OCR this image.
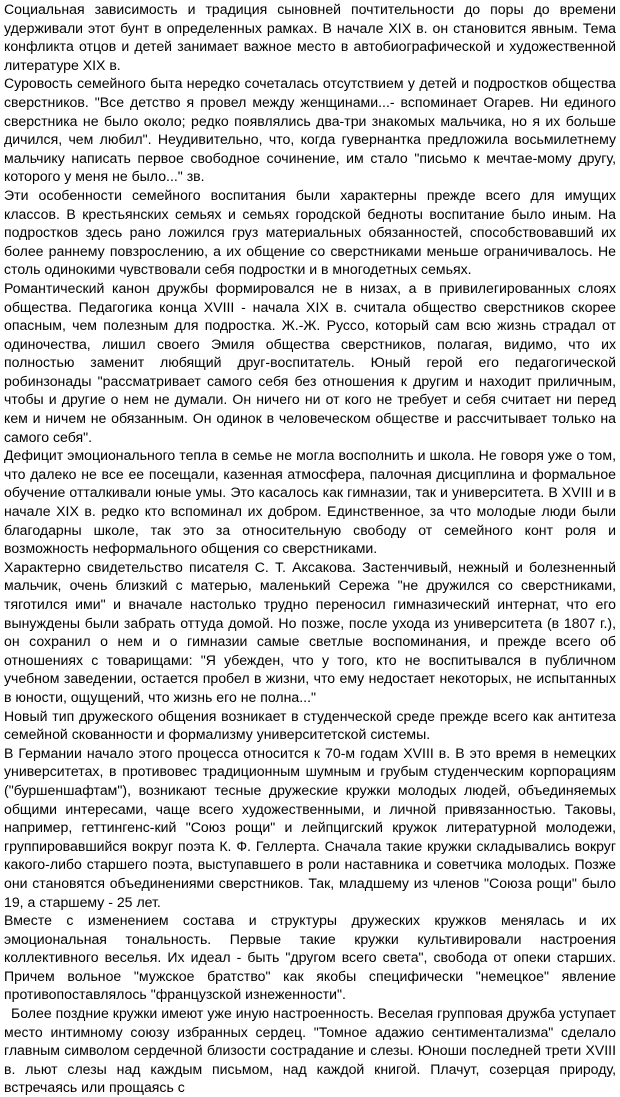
Социальная зависимость и традиция сыновней почтительности до поры до времени удерживали этот бунт в определенных рамках. В начале XIX в. он становится явным. Тема конфликта отцов и детей занимает важное место в автобиографической и художественной литературе XIX в.

Суровость семейного быта нередко сочеталась отсутствием у детей и подростков общества сверстников. "Все детство я провел между женщинами...- вспоминает Огарев. Ни единого сверстника не было около; редко появлялись два-три знакомых мальчика, но я их больше дичился, чем любил". Неудивительно, что, когда гувернантка предложила восьмилетнему мальчику написать первое свободное сочинение, им стало "письмо к мечтае-мому другу, которого у меня не было..." зв.

Эти особенности семейного воспитания были характерны прежде всего для имущих классов. В крестьянских семьях и семьях городской бедноты воспитание было иным. На подростков здесь рано ложился груз материальных обязанностей, способствовавший их более раннему повзрослению, а их общение со сверстниками меньше ограничивалось. Не столь одинокими чувствовали себя подростки и в многодетных семьях.

Романтический канон дружбы формировался не в низах, а в привилегированных слоях общества. Педагогика конца XVIII - начала XIX в. считала общество сверстников скорее опасным, чем полезным для подростка. Ж.-Ж. Руссо, который сам всю жизнь страдал от одиночества, лишил своего Эмиля общества сверстников, полагая, видимо, что их полностью заменит любящий друг-воспитатель. Юный герой его педагогической робинзонады "рассматривает самого себя без отношения к другим и находит приличным, чтобы и другие о нем не думали. Он ничего ни от кого не требует и себя считает ни перед кем и ничем не обязанным. Он одинок в человеческом обществе и рассчитывает только на самого себя".

Дефицит эмоционального тепла в семье не могла восполнить и школа. Не говоря уже о том, что далеко не все ее посещали, казенная атмосфера, палочная дисциплина и формальное обучение отталкивали юные умы. Это касалось как гимназии, так и университета. В XVIII и в начале XIX в. редко кто вспоминал их добром. Единственное, за что молодые люди были благодарны школе, так это за относительную свободу от семейного конт роля и возможность неформального общения со сверстниками.

Характерно свидетельство писателя С. Т. Аксакова. Застенчивый, нежный и болезненный мальчик, очень близкий с матерью, маленький Сережа "не дружился со сверстниками, тяготился ими" и вначале настолько трудно переносил гимназический интернат, что его вынуждены были забрать оттуда домой. Но позже, после ухода из университета (в 1807 г.), он сохранил о нем и о гимназии самые светлые воспоминания, и прежде всего об отношениях с товарищами: "Я убежден, что у того, кто не воспитывался в публичном учебном заведении, остается пробел в жизни, что ему недостает некоторых, не испытанных в юности, ощущений, что жизнь его не полна..."

Новый тип дружеского общения возникает в студенческой среде прежде всего как антитеза семейной скованности и формализму университетской системы.

В Германии начало этого процесса относится к 70-м годам XVIII в. В это время в немецких университетах, в противовес традиционным шумным и грубым студенческим корпорациям ("буршеншафтам"), возникают тесные дружеские кружки молодых людей, объединяемых общими интересами, чаще всего художественными, и личной привязанностью. Таковы, например, геттингенс-кий "Союз рощи" и лейпцигский кружок литературной молодежи, группировавшийся вокруг поэта К. Ф. Геллерта. Сначала такие кружки складывались вокруг какого-либо старшего поэта, выступавшего в роли наставника и советчика молодых. Позже они становятся объединениями сверстников. Так, младшему из членов "Союза рощи" было 19, а старшему - 25 лет.

Вместе с изменением состава и структуры дружеских кружков менялась и их эмоциональная тональность. Первые такие кружки культивировали настроения коллективного веселья. Их идеал - быть "другом всего света", свобода от опеки старших. Причем вольное "мужское братство" как якобы специфически "немецкое" явление противопоставлялось "французской изнеженности".

Более поздние кружки имеют уже иную настроенность. Веселая групповая дружба уступает место интимному союзу избранных сердец. "Томное адажио сентиментализма" сделало главным символом сердечной близости сострадание и слезы. Юноши последней трети XVIII в. льют слезы над каждым письмом, над каждой книгой. Плачут, созерцая природу, встречаясь или прощаясь с
